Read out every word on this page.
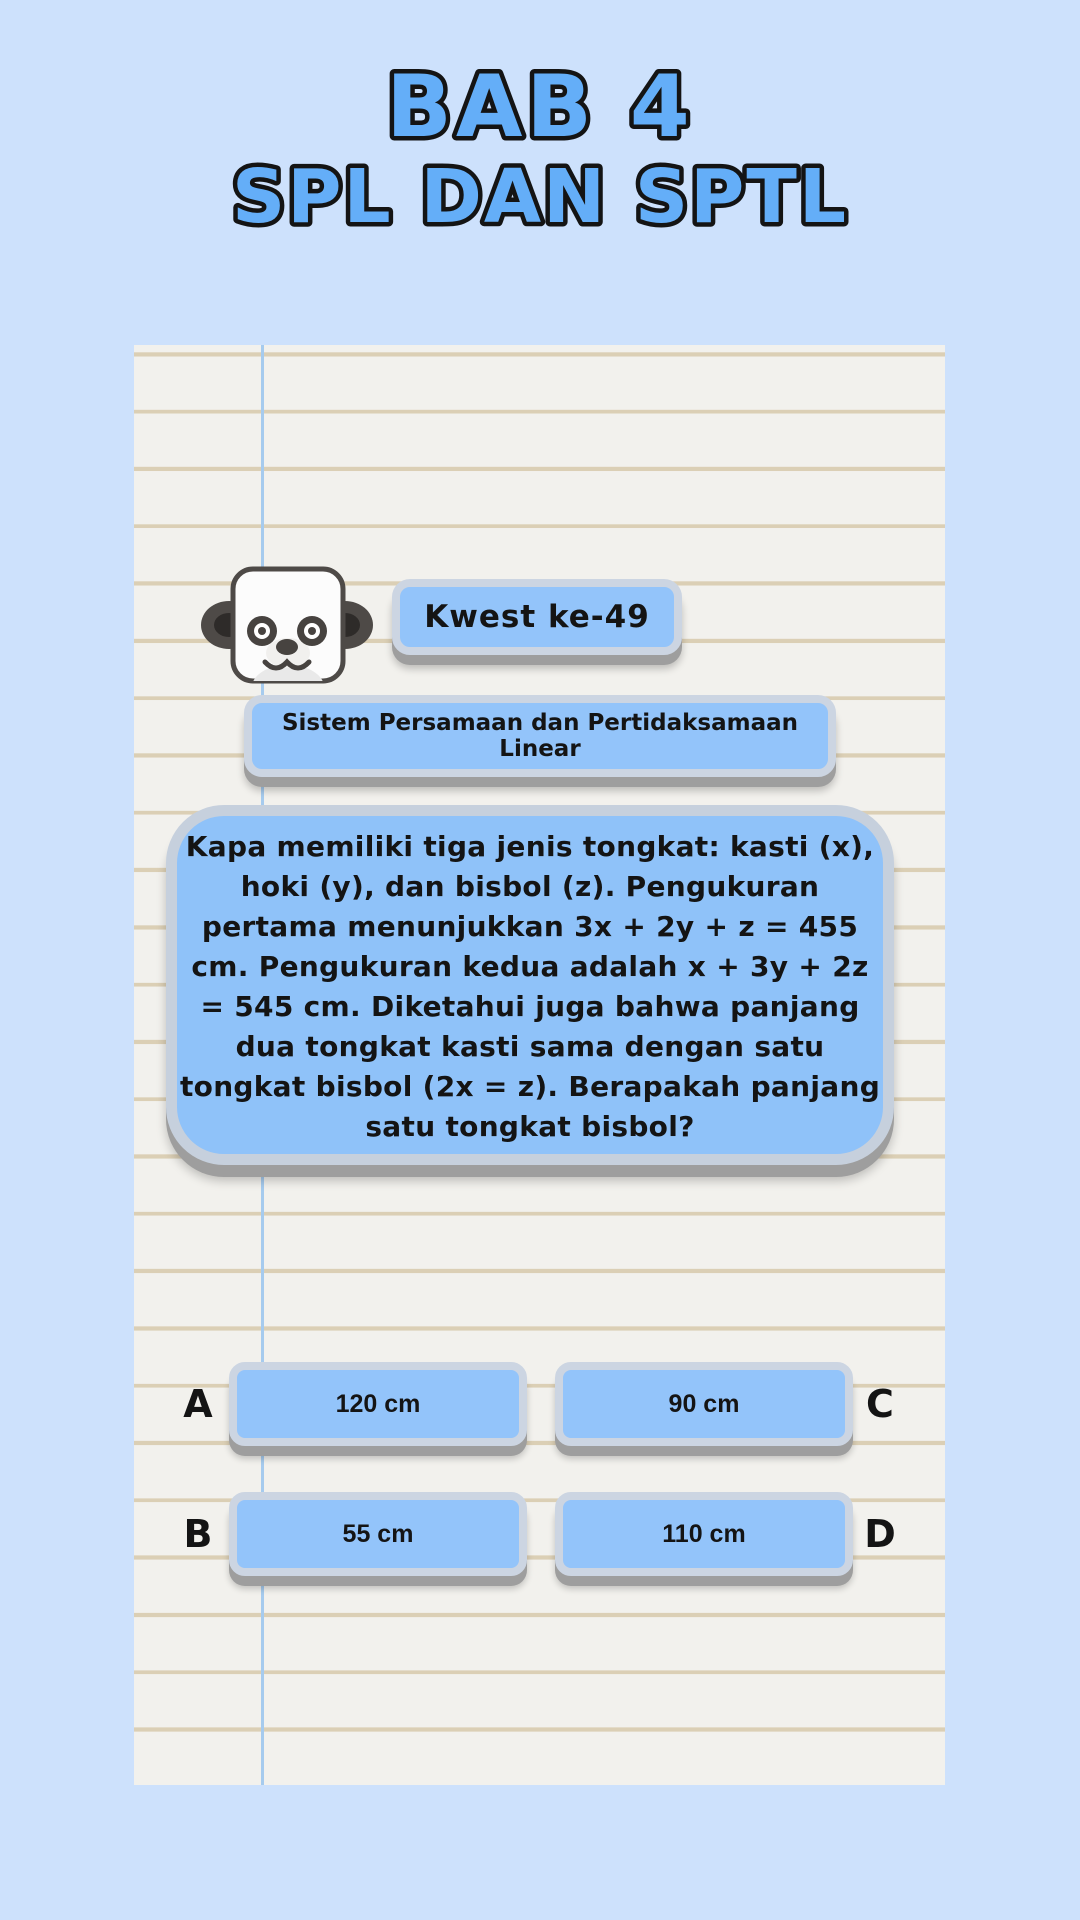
BAB 4
SPL DAN SPTL
Kwest ke-49
Sistem Persamaan dan Pertidaksamaan Linear
Kapa memiliki tiga jenis tongkat: kasti (x),
hoki (y), dan bisbol (z). Pengukuran
pertama menunjukkan 3x + 2y + z = 455
cm. Pengukuran kedua adalah x + 3y + 2z
= 545 cm. Diketahui juga bahwa panjang
dua tongkat kasti sama dengan satu
tongkat bisbol (2x = z). Berapakah panjang
satu tongkat bisbol?
A	120 cm	C
90 cm
B	55 cm	D
110 cm
